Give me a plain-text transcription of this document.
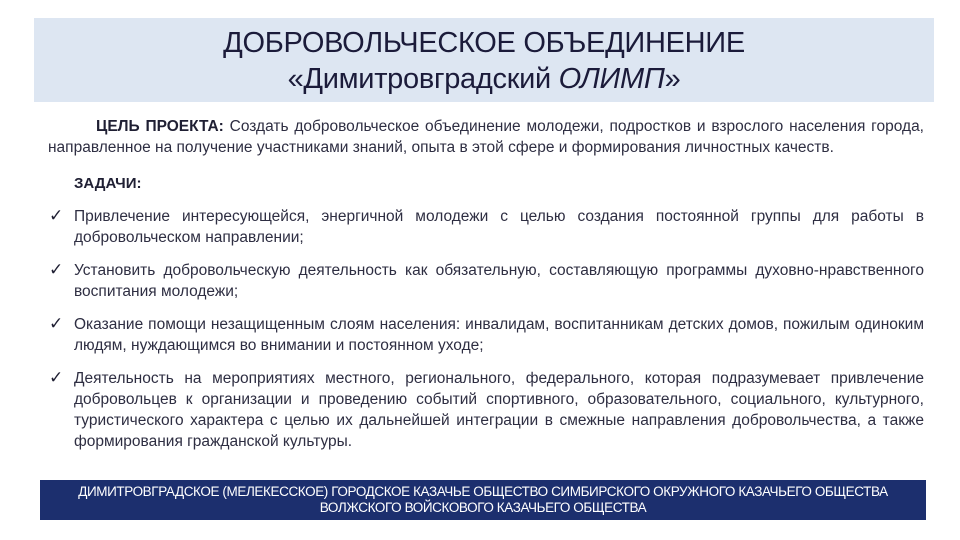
ДОБРОВОЛЬЧЕСКОЕ ОБЪЕДИНЕНИЕ
«Димитровградский ОЛИМП»

ЦЕЛЬ ПРОЕКТА: Создать добровольческое объединение молодежи, подростков и взрослого населения города, направленное на получение участниками знаний, опыта в этой сфере и формирования личностных качеств.

ЗАДАЧИ:
✓ Привлечение интересующейся, энергичной молодежи с целью создания постоянной группы для работы в добровольческом направлении;
✓ Установить добровольческую деятельность как обязательную, составляющую программы духовно-нравственного воспитания молодежи;
✓ Оказание помощи незащищенным слоям населения: инвалидам, воспитанникам детских домов, пожилым одиноким людям, нуждающимся во внимании и постоянном уходе;
✓ Деятельность на мероприятиях местного, регионального, федерального, которая подразумевает привлечение добровольцев к организации и проведению событий спортивного, образовательного, социального, культурного, туристического характера с целью их дальнейшей интеграции в смежные направления добровольчества, а также формирования гражданской культуры.
ДИМИТРОВГРАДСКОЕ (МЕЛЕКЕССКОЕ) ГОРОДСКОЕ КАЗАЧЬЕ ОБЩЕСТВО СИМБИРСКОГО ОКРУЖНОГО КАЗАЧЬЕГО ОБЩЕСТВА ВОЛЖСКОГО ВОЙСКОВОГО КАЗАЧЬЕГО ОБЩЕСТВА
